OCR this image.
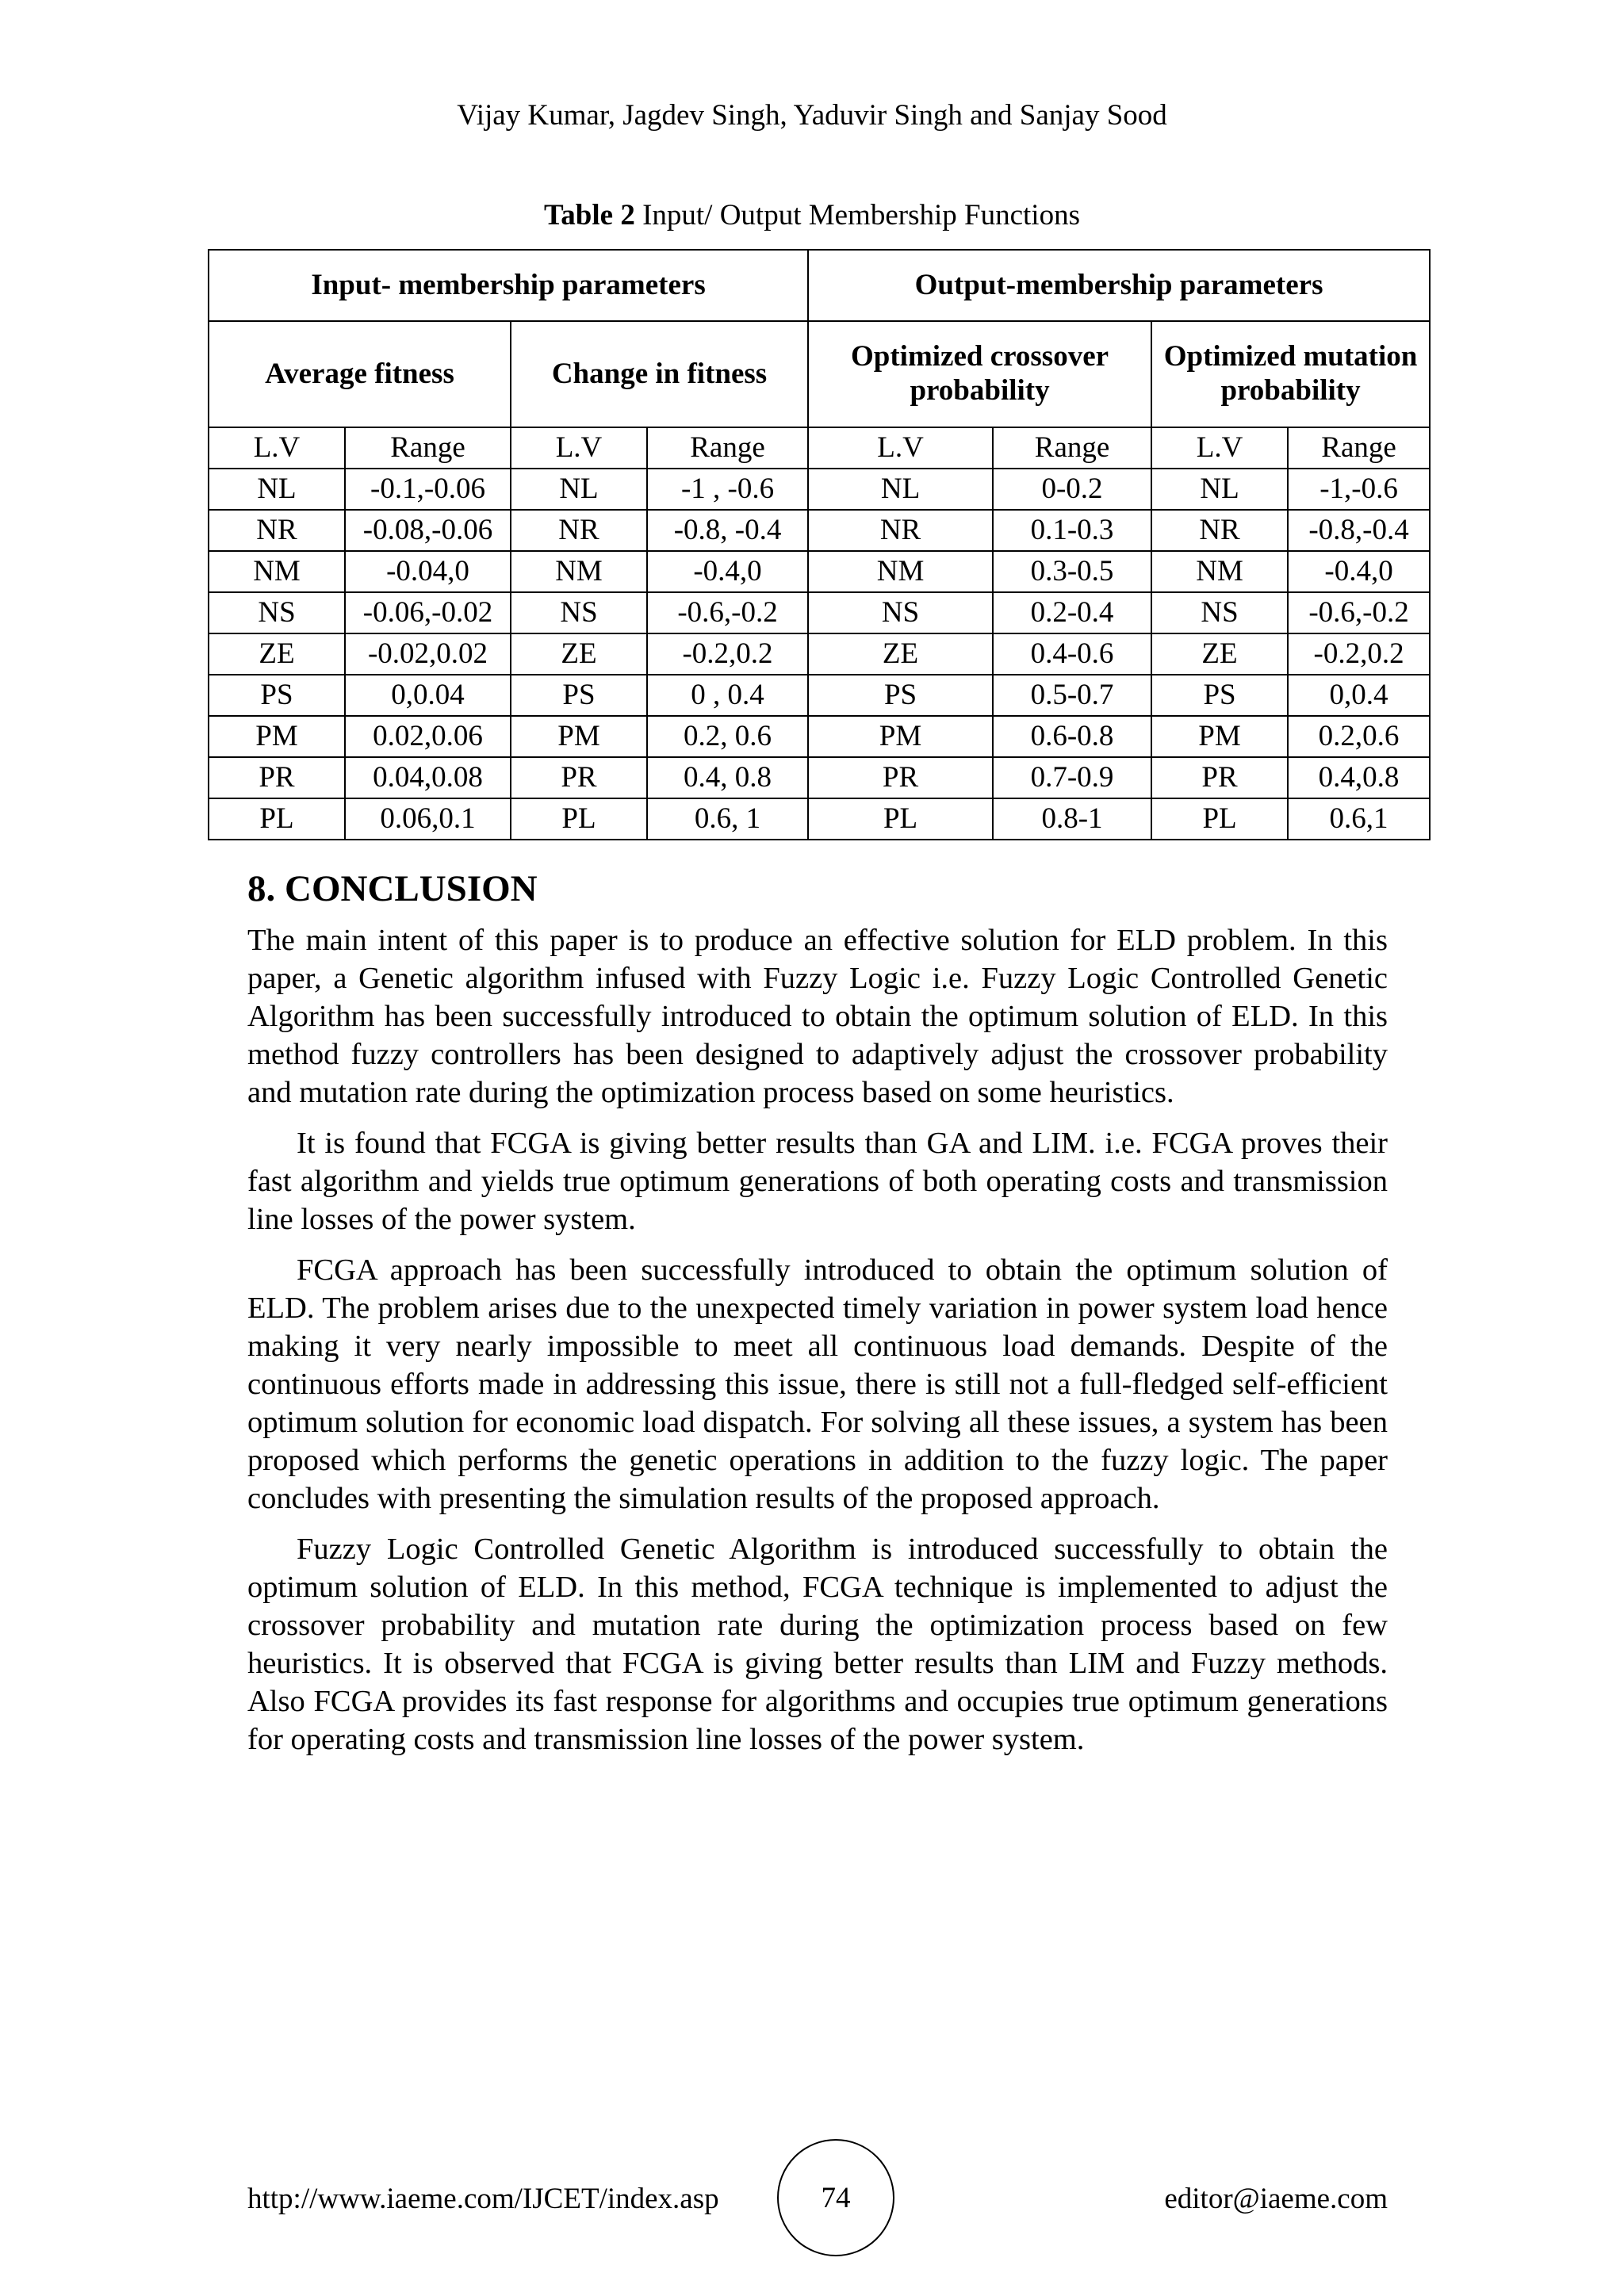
Vijay Kumar, Jagdev Singh, Yaduvir Singh and Sanjay Sood
Table 2 Input/ Output Membership Functions
Input- membership parameters				Output-membership parameters			
Average fitness		Change in fitness		Optimized crossover probability		Optimized mutation probability	
L.V	Range	L.V	Range	L.V	Range	L.V	Range
NL	-0.1,-0.06	NL	-1 , -0.6	NL	0-0.2	NL	-1,-0.6
NR	-0.08,-0.06	NR	-0.8, -0.4	NR	0.1-0.3	NR	-0.8,-0.4
NM	-0.04,0	NM	-0.4,0	NM	0.3-0.5	NM	-0.4,0
NS	-0.06,-0.02	NS	-0.6,-0.2	NS	0.2-0.4	NS	-0.6,-0.2
ZE	-0.02,0.02	ZE	-0.2,0.2	ZE	0.4-0.6	ZE	-0.2,0.2
PS	0,0.04	PS	0 , 0.4	PS	0.5-0.7	PS	0,0.4
PM	0.02,0.06	PM	0.2, 0.6	PM	0.6-0.8	PM	0.2,0.6
PR	0.04,0.08	PR	0.4, 0.8	PR	0.7-0.9	PR	0.4,0.8
PL	0.06,0.1	PL	0.6, 1	PL	0.8-1	PL	0.6,1
8. CONCLUSION

The main intent of this paper is to produce an effective solution for ELD problem. In this paper, a Genetic algorithm infused with Fuzzy Logic i.e. Fuzzy Logic Controlled Genetic Algorithm has been successfully introduced to obtain the optimum solution of ELD. In this method fuzzy controllers has been designed to adaptively adjust the crossover probability and mutation rate during the optimization process based on some heuristics.

It is found that FCGA is giving better results than GA and LIM. i.e. FCGA proves their fast algorithm and yields true optimum generations of both operating costs and transmission line losses of the power system.

FCGA approach has been successfully introduced to obtain the optimum solution of ELD. The problem arises due to the unexpected timely variation in power system load hence making it very nearly impossible to meet all continuous load demands. Despite of the continuous efforts made in addressing this issue, there is still not a full-fledged self-efficient optimum solution for economic load dispatch. For solving all these issues, a system has been proposed which performs the genetic operations in addition to the fuzzy logic. The paper concludes with presenting the simulation results of the proposed approach.

Fuzzy Logic Controlled Genetic Algorithm is introduced successfully to obtain the optimum solution of ELD. In this method, FCGA technique is implemented to adjust the crossover probability and mutation rate during the optimization process based on few heuristics. It is observed that FCGA is giving better results than LIM and Fuzzy methods. Also FCGA provides its fast response for algorithms and occupies true optimum generations for operating costs and transmission line losses of the power system.

http://www.iaeme.com/IJCET/index.asp	74	editor@iaeme.com
